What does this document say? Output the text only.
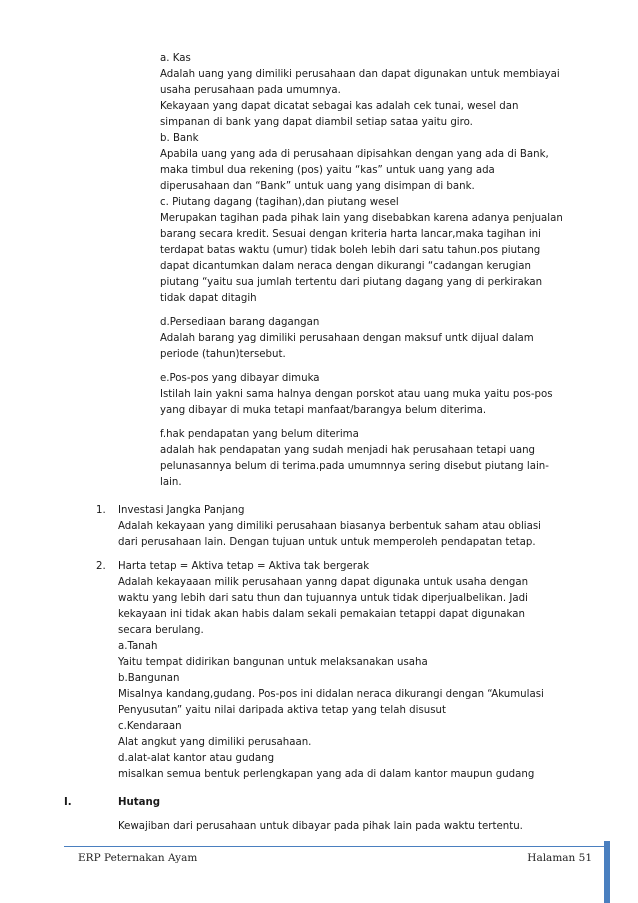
a. Kas
Adalah uang yang dimiliki perusahaan dan dapat digunakan untuk membiayai
usaha perusahaan pada umumnya.
Kekayaan yang dapat dicatat sebagai kas adalah cek tunai, wesel dan
simpanan di bank yang dapat diambil setiap sataa yaitu giro.
b. Bank
Apabila uang yang ada di perusahaan dipisahkan dengan yang ada di Bank,
maka timbul dua rekening (pos) yaitu “kas” untuk uang yang ada
diperusahaan dan “Bank” untuk uang yang disimpan di bank.
c. Piutang dagang (tagihan),dan piutang wesel
Merupakan tagihan pada pihak lain yang disebabkan karena adanya penjualan
barang secara kredit. Sesuai dengan kriteria harta lancar,maka tagihan ini
terdapat batas waktu (umur) tidak boleh lebih dari satu tahun.pos piutang
dapat dicantumkan dalam neraca dengan dikurangi “cadangan kerugian
piutang “yaitu sua jumlah tertentu dari piutang dagang yang di perkirakan
tidak dapat ditagih
d.Persediaan barang dagangan
Adalah barang yag dimiliki perusahaan dengan maksuf untk dijual dalam
periode (tahun)tersebut.
e.Pos-pos yang dibayar dimuka
Istilah lain yakni sama halnya dengan porskot atau uang muka yaitu pos-pos
yang dibayar di muka tetapi manfaat/barangya belum diterima.
f.hak pendapatan yang belum diterima
adalah hak pendapatan yang sudah menjadi hak perusahaan tetapi uang
pelunasannya belum di terima.pada umumnnya sering disebut piutang lain-
lain.
1. Investasi Jangka Panjang
Adalah kekayaan yang dimiliki perusahaan biasanya berbentuk saham atau obliasi
dari perusahaan lain. Dengan tujuan untuk untuk memperoleh pendapatan tetap.
2. Harta tetap = Aktiva tetap = Aktiva tak bergerak
Adalah kekayaaan milik perusahaan yanng dapat digunaka untuk usaha dengan
waktu yang lebih dari satu thun dan tujuannya untuk tidak diperjualbelikan. Jadi
kekayaan ini tidak akan habis dalam sekali pemakaian tetappi dapat digunakan
secara berulang.
a.Tanah
Yaitu tempat didirikan bangunan untuk melaksanakan usaha
b.Bangunan
Misalnya kandang,gudang. Pos-pos ini didalan neraca dikurangi dengan “Akumulasi
Penyusutan” yaitu nilai daripada aktiva tetap yang telah disusut
c.Kendaraan
Alat angkut yang dimiliki perusahaan.
d.alat-alat kantor atau gudang
misalkan semua bentuk perlengkapan yang ada di dalam kantor maupun gudang
I.	Hutang
Kewajiban dari perusahaan untuk dibayar pada pihak lain pada waktu tertentu.
ERP Peternakan Ayam	Halaman 51
